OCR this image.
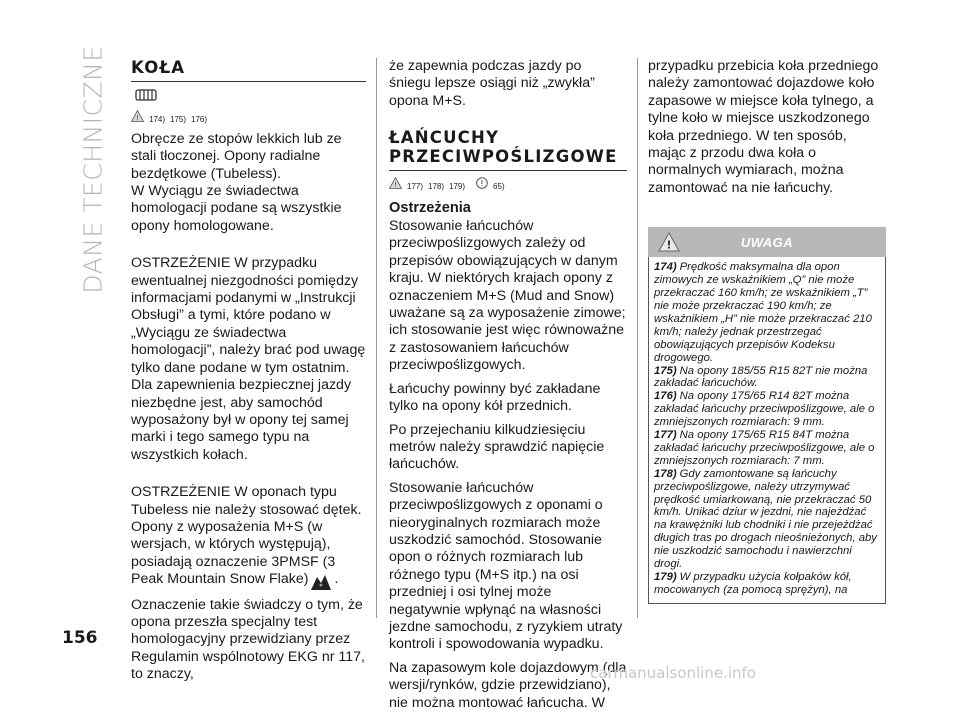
DANE TECHNICZNE KOŁA
! 174) 175) 176)

Obręcze ze stopów lekkich lub ze stali tłoczonej. Opony radialne bezdętkowe (Tubeless).

W Wyciągu ze świadectwa homologacji podane są wszystkie opony homologowane.

OSTRZEŻENIE W przypadku ewentualnej niezgodności pomiędzy informacjami podanymi w „Instrukcji Obsługi” a tymi, które podano w „Wyciągu ze świadectwa homologacji”, należy brać pod uwagę tylko dane podane w tym ostatnim. Dla zapewnienia bezpiecznej jazdy niezbędne jest, aby samochód wyposażony był w opony tej samej marki i tego samego typu na wszystkich kołach.

OSTRZEŻENIE W oponach typu Tubeless nie należy stosować dętek. Opony z wyposażenia M+S (w wersjach, w których występują), posiadają oznaczenie 3PMSF (3 Peak Mountain Snow Flake) * . Oznaczenie takie świadczy o tym, że opona przeszła specjalny test homologacyjny przewidziany przez Regulamin wspólnotowy EKG nr 117, to znaczy,

że zapewnia podczas jazdy po śniegu lepsze osiągi niż „zwykła” opona M+S.

ŁAŃCUCHY
PRZECIWPOŚLIZGOWE
! 177) 178) 179) ! 65)
Ostrzeżenia

Stosowanie łańcuchów przeciwpoślizgowych zależy od przepisów obowiązujących w danym kraju. W niektórych krajach opony z oznaczeniem M+S (Mud and Snow) uważane są za wyposażenie zimowe; ich stosowanie jest więc równoważne z zastosowaniem łańcuchów przeciwpoślizgowych.

Łańcuchy powinny być zakładane tylko na opony kół przednich.

Po przejechaniu kilkudziesięciu metrów należy sprawdzić napięcie łańcuchów.

Stosowanie łańcuchów przeciwpoślizgowych z oponami o nieoryginalnych rozmiarach może uszkodzić samochód. Stosowanie opon o różnych rozmiarach lub różnego typu (M+S itp.) na osi przedniej i osi tylnej może negatywnie wpłynąć na własności jezdne samochodu, z ryzykiem utraty kontroli i spowodowania wypadku.

Na zapasowym kole dojazdowym (dla wersji/rynków, gdzie przewidziano), nie można montować łańcucha. W

przypadku przebicia koła przedniego należy zamontować dojazdowe koło zapasowe w miejsce koła tylnego, a tylne koło w miejsce uszkodzonego koła przedniego. W ten sposób, mając z przodu dwa koła o normalnych wymiarach, można zamontować na nie łańcuchy.

!	UWAGA

174) Prędkość maksymalna dla opon zimowych ze wskaźnikiem „Q” nie może przekraczać 160 km/h; ze wskaźnikiem „T” nie może przekraczać 190 km/h; ze wskaźnikiem „H” nie może przekraczać 210 km/h; należy jednak przestrzegać obowiązujących przepisów Kodeksu drogowego.

175) Na opony 185/55 R15 82T nie można zakładać łańcuchów.

176) Na opony 175/65 R14 82T można zakładać łańcuchy przeciwpoślizgowe, ale o zmniejszonych rozmiarach: 9 mm.

177) Na opony 175/65 R15 84T można zakładać łańcuchy przeciwpoślizgowe, ale o zmniejszonych rozmiarach: 7 mm.

178) Gdy zamontowane są łańcuchy przeciwpoślizgowe, należy utrzymywać prędkość umiarkowaną, nie przekraczać 50 km/h. Unikać dziur w jezdni, nie najeżdżać na krawężniki lub chodniki i nie przejeżdżać długich tras po drogach nieośnieżonych, aby nie uszkodzić samochodu i nawierzchni drogi.

179) W przypadku użycia kołpaków kół, mocowanych (za pomocą sprężyn), na

156
carmanualsonline.info
